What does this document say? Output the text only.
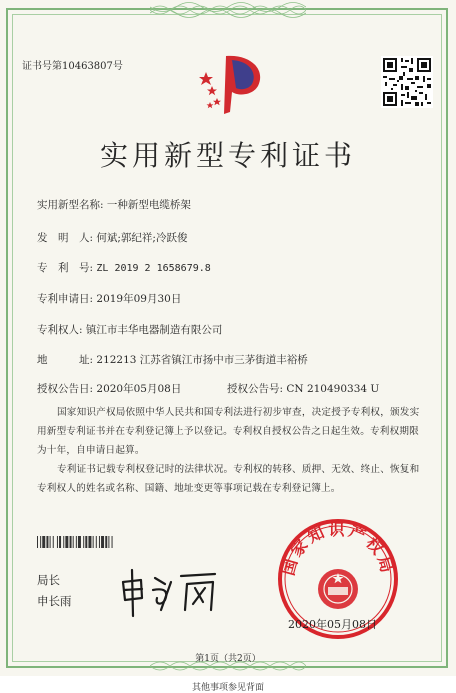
证书号第10463807号
实用新型专利证书
实用新型名称: 一种新型电缆桥架
发　明　人: 何斌;郭纪祥;冷跃俊
专　利　号: ZL 2019 2 1658679.8
专利申请日: 2019年09月30日
专利权人: 镇江市丰华电器制造有限公司
地　　　址: 212213 江苏省镇江市扬中市三茅街道丰裕桥
授权公告日: 2020年05月08日	授权公告号: CN 210490334 U
国家知识产权局依照中华人民共和国专利法进行初步审查，决定授予专利权，颁发实用新型专利证书并在专利登记簿上予以登记。专利权自授权公告之日起生效。专利权期限为十年，自申请日起算。
专利证书记载专利权登记时的法律状况。专利权的转移、质押、无效、终止、恢复和专利权人的姓名或名称、国籍、地址变更等事项记载在专利登记簿上。
局长
申长雨
国家知识产权局
2020年05月08日
第1页（共2页）
其他事项参见背面
